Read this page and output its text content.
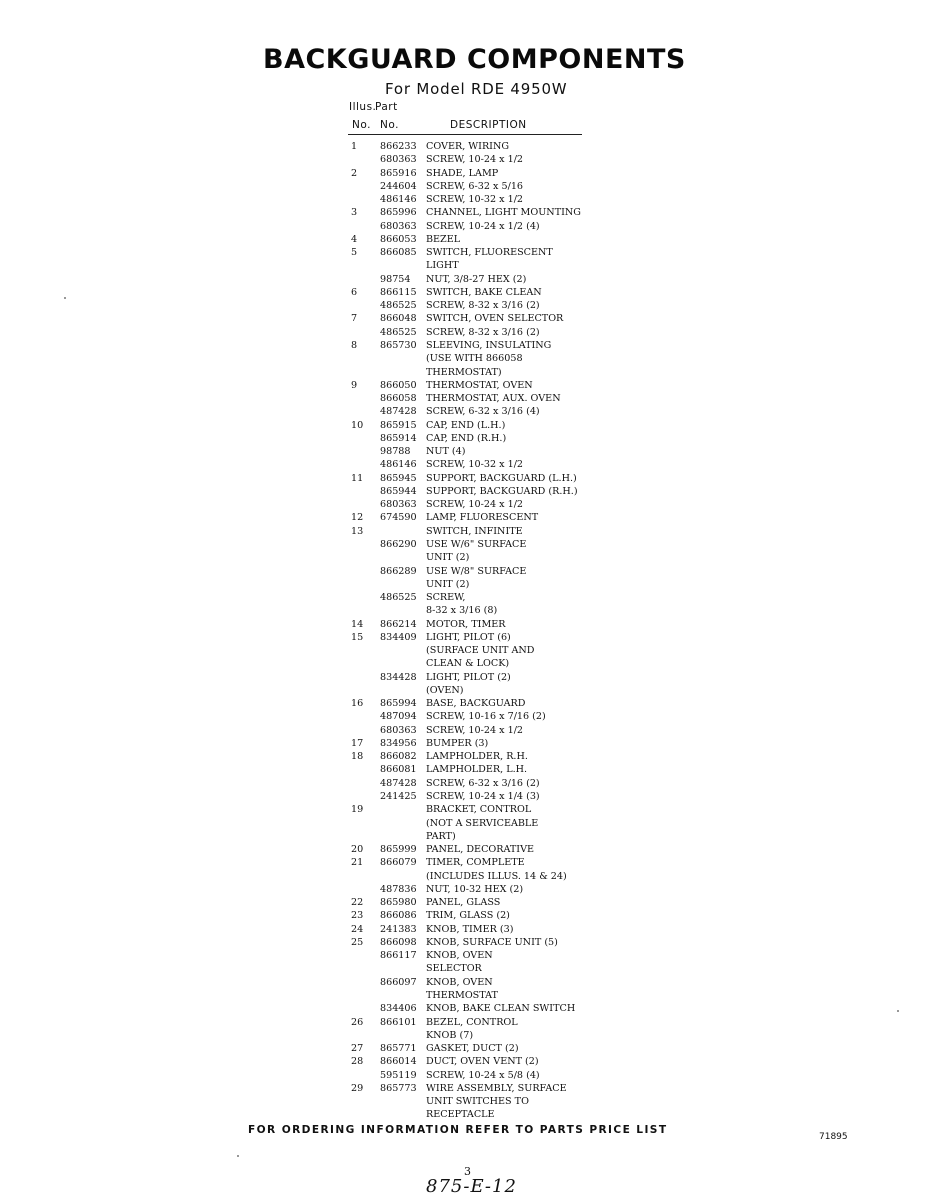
BACKGUARD COMPONENTS
For Model RDE 4950W
Illus.
Part
No. No.	DESCRIPTION
1	866233 COVER, WIRING
680363 SCREW, 10-24 x 1/2
2	865916 SHADE, LAMP
244604 SCREW, 6-32 x 5/16
486146 SCREW, 10-32 x 1/2
3	865996 CHANNEL, LIGHT MOUNTING
680363 SCREW, 10-24 x 1/2 (4)
4	866053 BEZEL
5	866085 SWITCH, FLUORESCENT
LIGHT
98754	NUT, 3/8-27 HEX (2)
6	866115 SWITCH, BAKE CLEAN
486525 SCREW, 8-32 x 3/16 (2)
7	866048 SWITCH, OVEN SELECTOR
486525 SCREW, 8-32 x 3/16 (2)
8	865730 SLEEVING, INSULATING
(USE WITH 866058
THERMOSTAT)
9	866050 THERMOSTAT, OVEN
866058 THERMOSTAT, AUX. OVEN
487428 SCREW, 6-32 x 3/16 (4)
10	865915 CAP, END (L.H.)
865914 CAP, END (R.H.)
98788	NUT (4)
486146 SCREW, 10-32 x 1/2
11	865945 SUPPORT, BACKGUARD (L.H.)
865944 SUPPORT, BACKGUARD (R.H.)
680363 SCREW, 10-24 x 1/2
12	674590 LAMP, FLUORESCENT
13	SWITCH, INFINITE
866290 USE W/6" SURFACE
UNIT (2)
866289 USE W/8" SURFACE
UNIT (2)
486525 SCREW,
8-32 x 3/16 (8)
14	866214 MOTOR, TIMER
15	834409 LIGHT, PILOT (6)
(SURFACE UNIT AND
CLEAN & LOCK)
834428 LIGHT, PILOT (2)
(OVEN)
16	865994 BASE, BACKGUARD
487094 SCREW, 10-16 x 7/16 (2)
680363 SCREW, 10-24 x 1/2
17	834956 BUMPER (3)
18	866082 LAMPHOLDER, R.H.
866081 LAMPHOLDER, L.H.
487428 SCREW, 6-32 x 3/16 (2)
241425 SCREW, 10-24 x 1/4 (3)
19	BRACKET, CONTROL
(NOT A SERVICEABLE
PART)
20	865999 PANEL, DECORATIVE
21	866079 TIMER, COMPLETE
(INCLUDES ILLUS. 14 & 24)
487836 NUT, 10-32 HEX (2)
22	865980 PANEL, GLASS
23	866086 TRIM, GLASS (2)
24	241383 KNOB, TIMER (3)
25	866098 KNOB, SURFACE UNIT (5)
866117 KNOB, OVEN
SELECTOR
866097 KNOB, OVEN
THERMOSTAT
834406 KNOB, BAKE CLEAN SWITCH
26	866101 BEZEL, CONTROL
KNOB (7)
27	865771 GASKET, DUCT (2)
28	866014 DUCT, OVEN VENT (2)
595119 SCREW, 10-24 x 5/8 (4)
29	865773 WIRE ASSEMBLY, SURFACE
UNIT SWITCHES TO
RECEPTACLE
FOR ORDERING INFORMATION REFER TO PARTS PRICE LIST
71895
3
875-E-12
